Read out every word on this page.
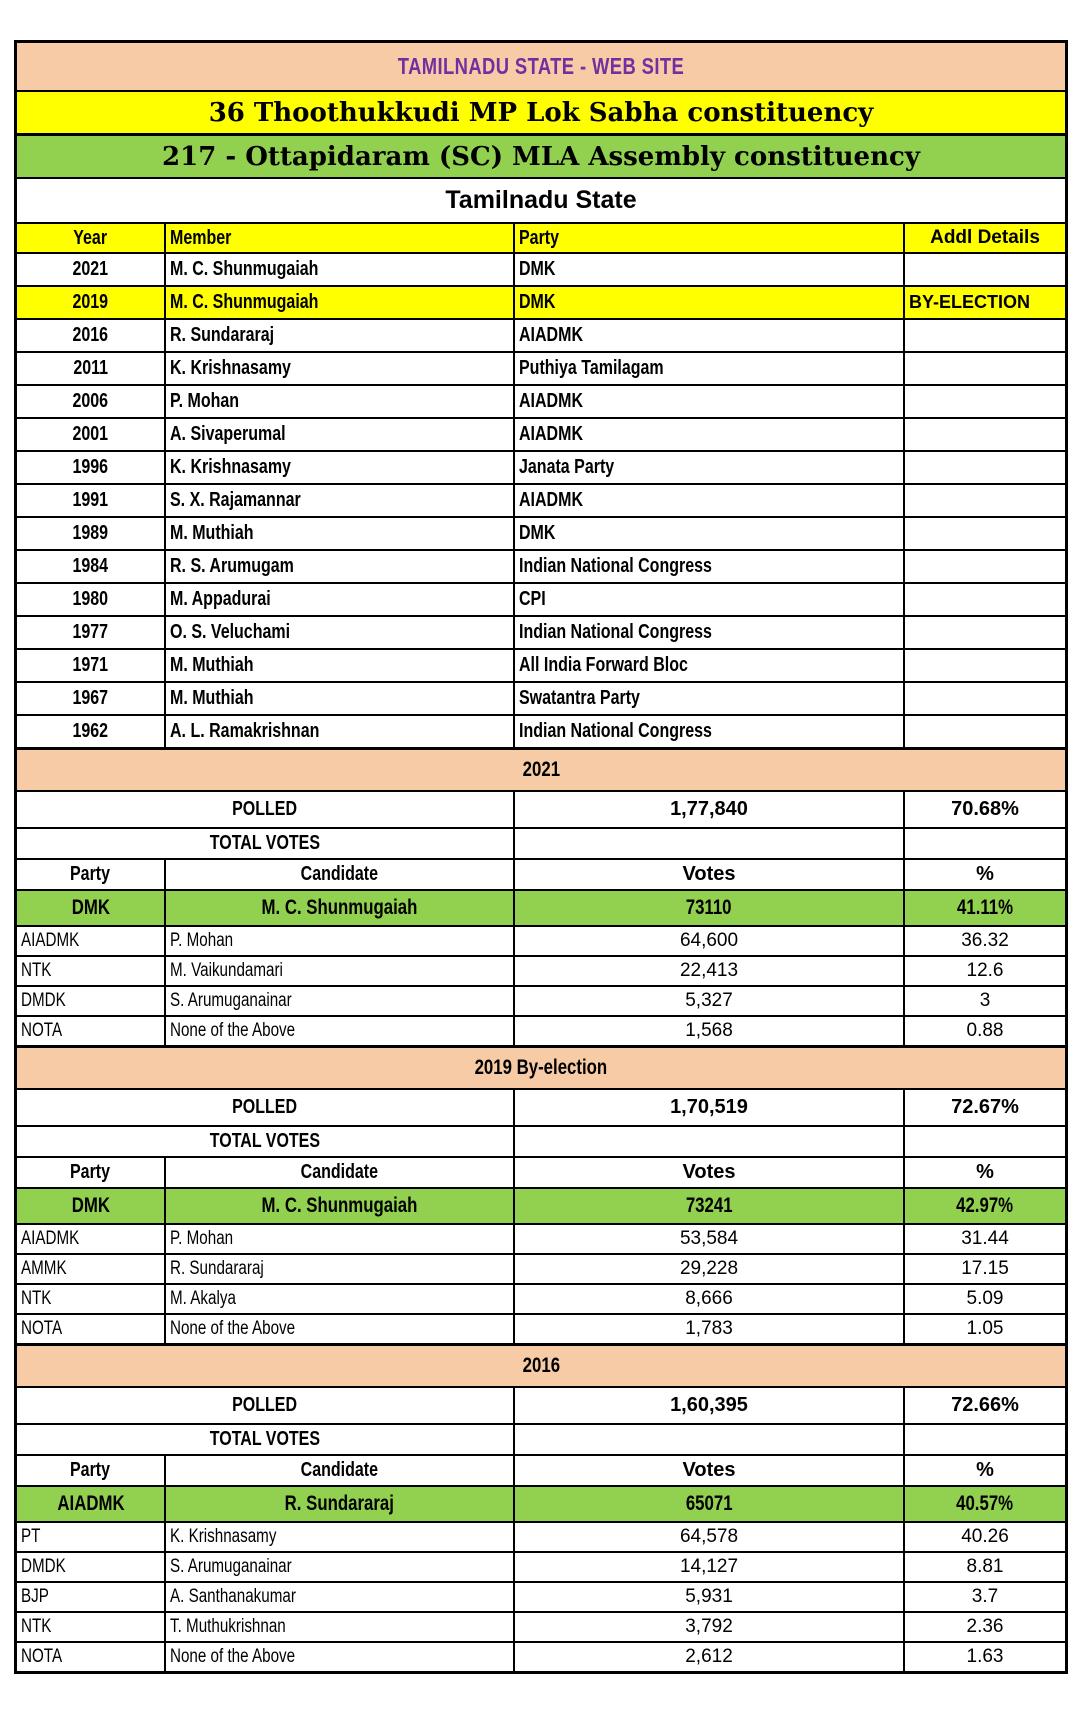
TAMILNADU STATE - WEB SITE
36 Thoothukkudi MP Lok Sabha constituency
217 - Ottapidaram (SC) MLA Assembly constituency
Tamilnadu State
Year	Member	Party	Addl Details
2021	M. C. Shunmugaiah	DMK
2019	M. C. Shunmugaiah	DMK	BY-ELECTION
2016	R. Sundararaj	AIADMK
2011	K. Krishnasamy	Puthiya Tamilagam
2006	P. Mohan	AIADMK
2001	A. Sivaperumal	AIADMK
1996	K. Krishnasamy	Janata Party
1991	S. X. Rajamannar	AIADMK
1989	M. Muthiah	DMK
1984	R. S. Arumugam	Indian National Congress
1980	M. Appadurai	CPI
1977	O. S. Veluchami	Indian National Congress
1971	M. Muthiah	All India Forward Bloc
1967	M. Muthiah	Swatantra Party
1962	A. L. Ramakrishnan	Indian National Congress
2021
POLLED	1,77,840	70.68%
TOTAL VOTES
Party	Candidate	Votes	%
DMK	M. C. Shunmugaiah	73110	41.11%
AIADMK	P. Mohan	64,600	36.32
NTK	M. Vaikundamari	22,413	12.6
DMDK	S. Arumuganainar	5,327	3
NOTA	None of the Above	1,568	0.88
2019 By-election
POLLED	1,70,519	72.67%
TOTAL VOTES
Party	Candidate	Votes	%
DMK	M. C. Shunmugaiah	73241	42.97%
AIADMK	P. Mohan	53,584	31.44
AMMK	R. Sundararaj	29,228	17.15
NTK	M. Akalya	8,666	5.09
NOTA	None of the Above	1,783	1.05
2016
POLLED	1,60,395	72.66%
TOTAL VOTES
Party	Candidate	Votes	%
AIADMK	R. Sundararaj	65071	40.57%
PT	K. Krishnasamy	64,578	40.26
DMDK	S. Arumuganainar	14,127	8.81
BJP	A. Santhanakumar	5,931	3.7
NTK	T. Muthukrishnan	3,792	2.36
NOTA	None of the Above	2,612	1.63
